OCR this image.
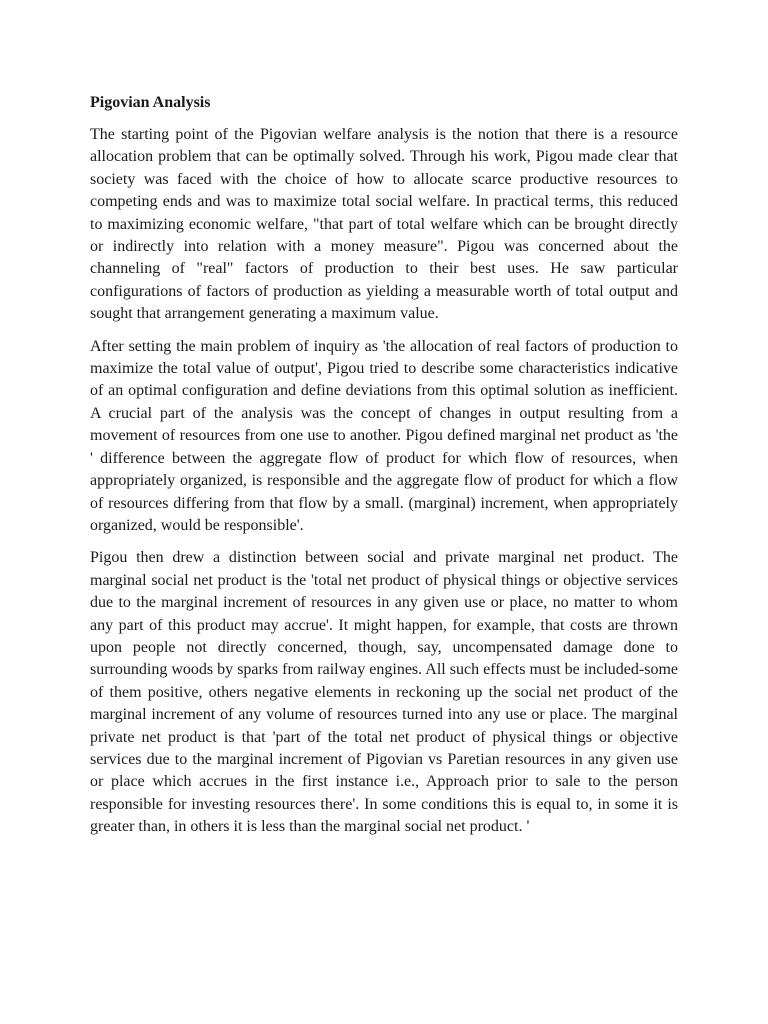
Pigovian Analysis

The starting point of the Pigovian welfare analysis is the notion that there is a resource allocation problem that can be optimally solved. Through his work, Pigou made clear that society was faced with the choice of how to allocate scarce productive resources to competing ends and was to maximize total social welfare. In practical terms, this reduced to maximizing economic welfare, "that part of total welfare which can be brought directly or indirectly into relation with a money measure". Pigou was concerned about the channeling of "real" factors of production to their best uses. He saw particular configurations of factors of production as yielding a measurable worth of total output and sought that arrangement generating a maximum value.

After setting the main problem of inquiry as 'the allocation of real factors of production to maximize the total value of output', Pigou tried to describe some characteristics indicative of an optimal configuration and define deviations from this optimal solution as inefficient. A crucial part of the analysis was the concept of changes in output resulting from a movement of resources from one use to another. Pigou defined marginal net product as 'the ' difference between the aggregate flow of product for which flow of resources, when appropriately organized, is responsible and the aggregate flow of product for which a flow of resources differing from that flow by a small. (marginal) increment, when appropriately organized, would be responsible'.

Pigou then drew a distinction between social and private marginal net product. The marginal social net product is the 'total net product of physical things or objective services due to the marginal increment of resources in any given use or place, no matter to whom any part of this product may accrue'. It might happen, for example, that costs are thrown upon people not directly concerned, though, say, uncompensated damage done to surrounding woods by sparks from railway engines. All such effects must be included-some of them positive, others negative elements in reckoning up the social net product of the marginal increment of any volume of resources turned into any use or place. The marginal private net product is that 'part of the total net product of physical things or objective services due to the marginal increment of Pigovian vs Paretian resources in any given use or place which accrues in the first instance i.e., Approach prior to sale to the person responsible for investing resources there'. In some conditions this is equal to, in some it is greater than, in others it is less than the marginal social net product. '
